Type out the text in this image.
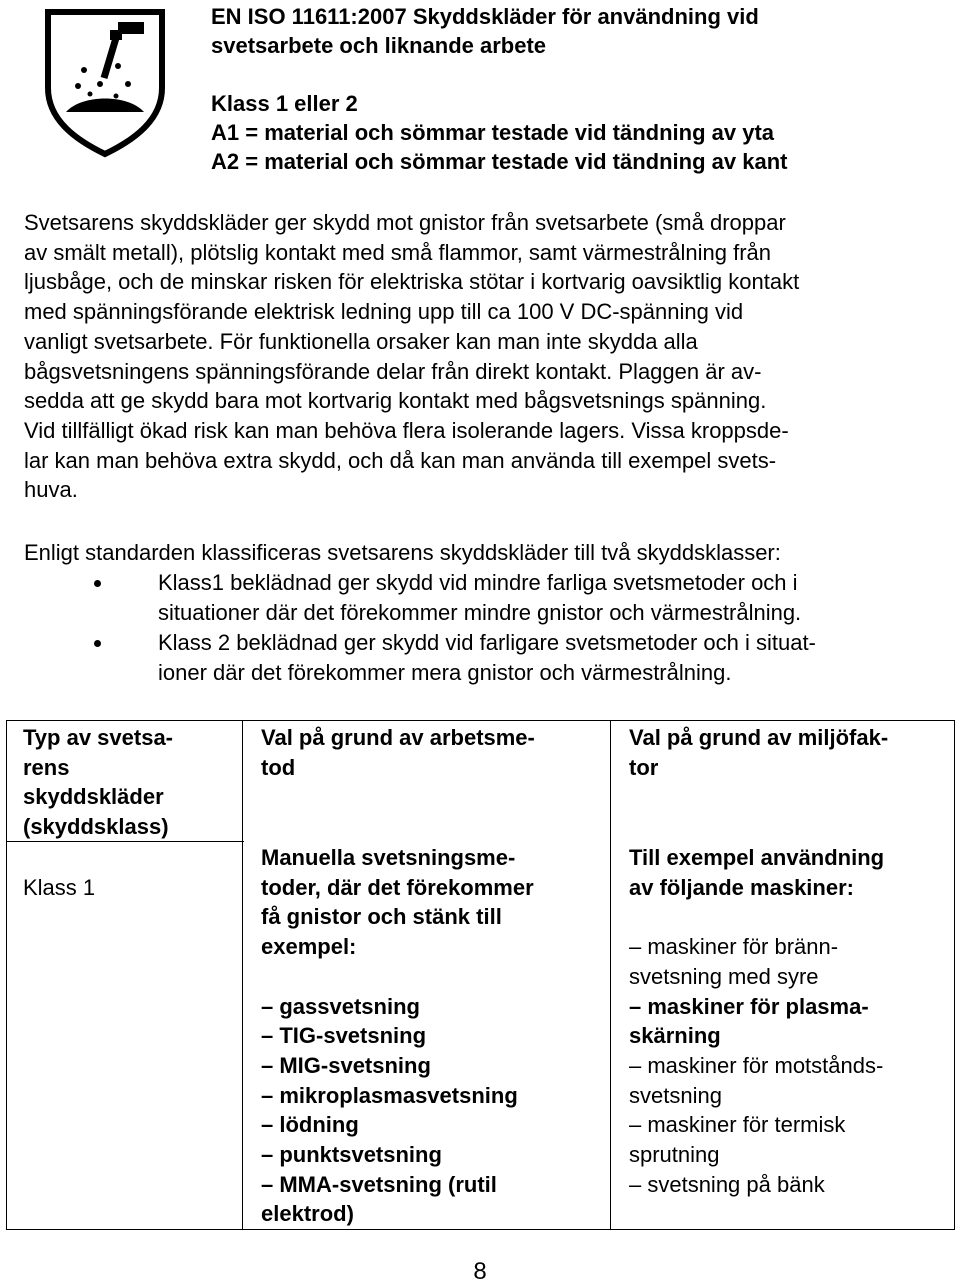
EN ISO 11611:2007 Skyddskläder för användning vid

svetsarbete och liknande arbete

Klass 1 eller 2

A1 = material och sömmar testade vid tändning av yta

A2 = material och sömmar testade vid tändning av kant

Svetsarens skyddskläder ger skydd mot gnistor från svetsarbete (små droppar
av smält metall), plötslig kontakt med små flammor, samt värmestrålning från
ljusbåge, och de minskar risken för elektriska stötar i kortvarig oavsiktlig kontakt
med spänningsförande elektrisk ledning upp till ca 100 V DC-spänning vid
vanligt svetsarbete. För funktionella orsaker kan man inte skydda alla
bågsvetsningens spänningsförande delar från direkt kontakt. Plaggen är av-
sedda att ge skydd bara mot kortvarig kontakt med bågsvetsnings spänning.
Vid tillfälligt ökad risk kan man behöva flera isolerande lagers. Vissa kroppsde-
lar kan man behöva extra skydd, och då kan man använda till exempel svets-
huva.

Enligt standarden klassificeras svetsarens skyddskläder till två skyddsklasser:

Klass1 beklädnad ger skydd vid mindre farliga svetsmetoder och i
situationer där det förekommer mindre gnistor och värmestrålning.
Klass 2 beklädnad ger skydd vid farligare svetsmetoder och i situat-
ioner där det förekommer mera gnistor och värmestrålning.

Typ av svetsa-

rens

skyddskläder

(skyddsklass)

Val på grund av arbetsme-

tod

Val på grund av miljöfak-

tor

Klass 1

Manuella svetsningsme-

toder, där det förekommer

få gnistor och stänk till

exempel:

– gassvetsning

– TIG-svetsning

– MIG-svetsning

– mikroplasmasvetsning

– lödning

– punktsvetsning

– MMA-svetsning (rutil

elektrod)

Till exempel användning

av följande maskiner:

– maskiner för bränn-

svetsning med syre

– maskiner för plasma-

skärning

– maskiner för motstånds-

svetsning

– maskiner för termisk

sprutning

– svetsning på bänk

8
